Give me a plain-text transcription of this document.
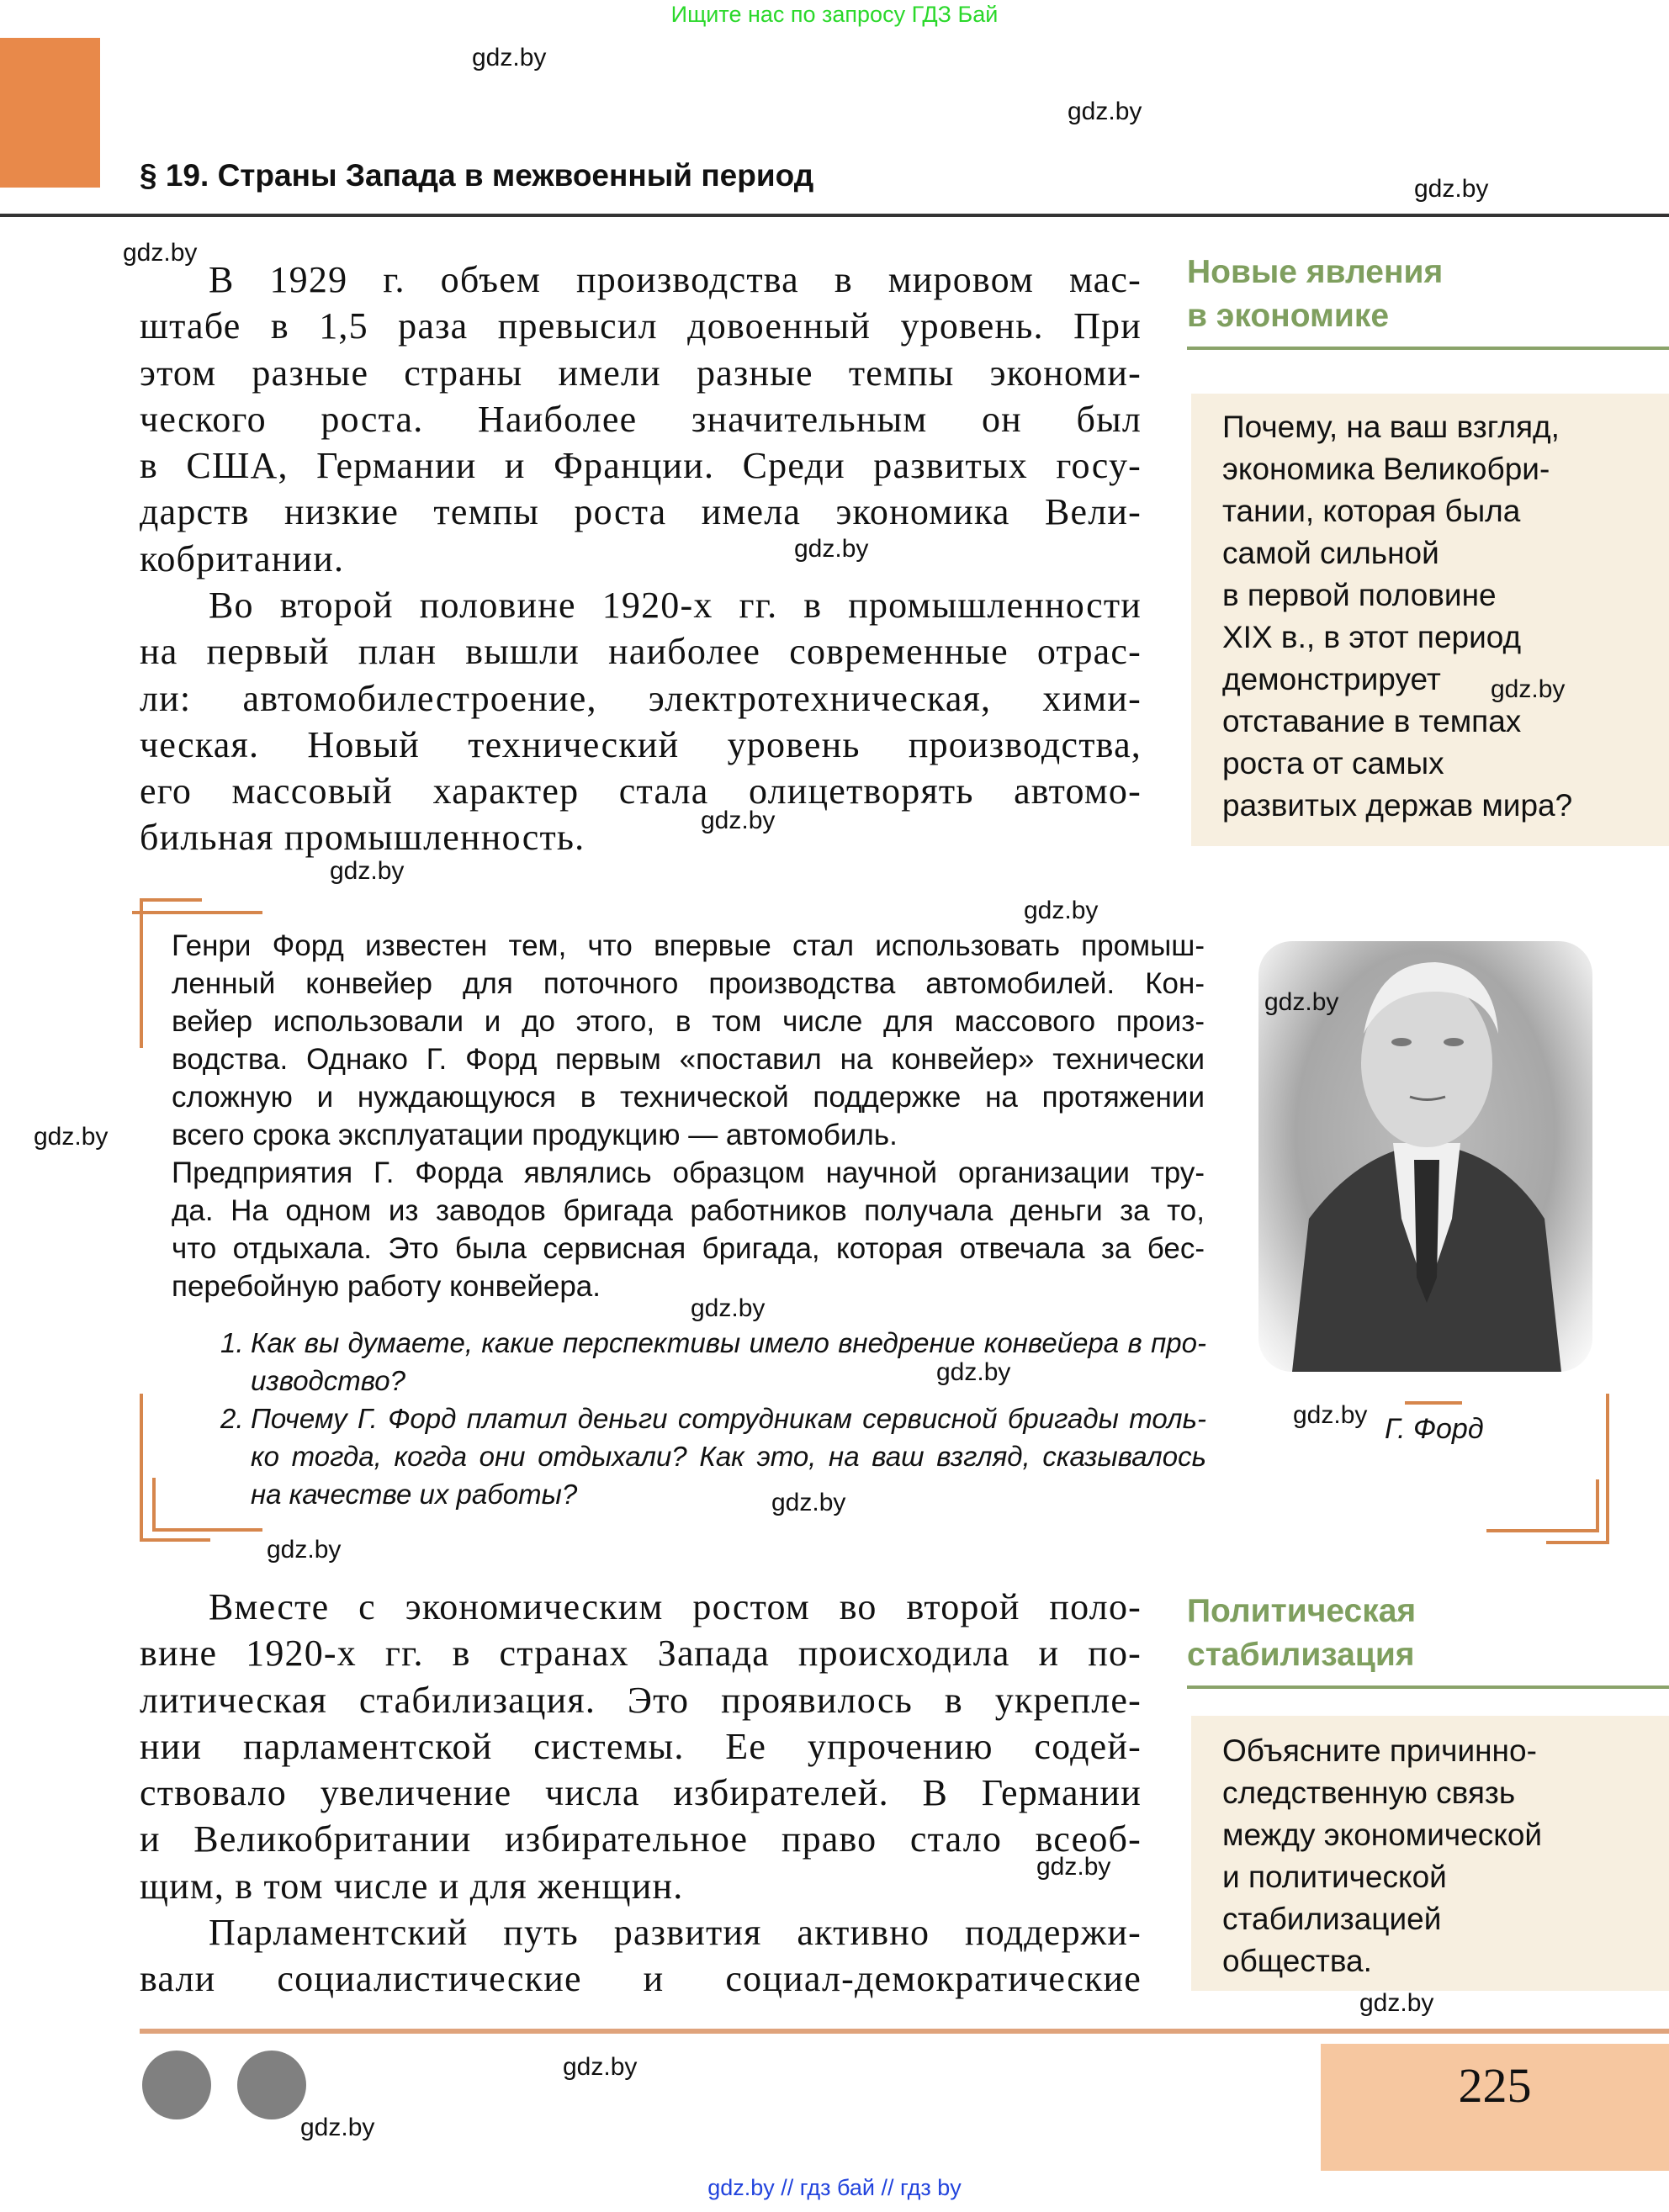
Ищите нас по запросу ГДЗ Бай
§ 19. Страны Запада в межвоенный период
В 1929 г. объем производства в мировом мас-
штабе в 1,5 раза превысил довоенный уровень. При
этом разные страны имели разные темпы экономи-
ческого роста. Наиболее значительным он был
в США, Германии и Франции. Среди развитых госу-
дарств низкие темпы роста имела экономика Вели-
кобритании.
Во второй половине 1920-х гг. в промышленности
на первый план вышли наиболее современные отрас-
ли: автомобилестроение, электротехническая, хими-
ческая. Новый технический уровень производства,
его массовый характер стала олицетворять автомо-
бильная промышленность.
Вместе с экономическим ростом во второй поло-
вине 1920-х гг. в странах Запада происходила и по-
литическая стабилизация. Это проявилось в укрепле-
нии парламентской системы. Ее упрочению содей-
ствовало увеличение числа избирателей. В Германии
и Великобритании избирательное право стало всеоб-
щим, в том числе и для женщин.
Парламентский путь развития активно поддержи-
вали социалистические и социал-демократические
Новые явления
в экономике
Почему, на ваш взгляд,
экономика Великобри-
тании, которая была
самой сильной
в первой половине
XIX в., в этот период
демонстрирует
отставание в темпах
роста от самых
развитых держав мира?
Политическая
стабилизация
Объясните причинно-
следственную связь
между экономической
и политической
стабилизацией
общества.
Генри Форд известен тем, что впервые стал использовать промыш-
ленный конвейер для поточного производства автомобилей. Кон-
вейер использовали и до этого, в том числе для массового произ-
водства. Однако Г. Форд первым «поставил на конвейер» технически
сложную и нуждающуюся в технической поддержке на протяжении
всего срока эксплуатации продукцию — автомобиль.
Предприятия Г. Форда являлись образцом научной организации тру-
да. На одном из заводов бригада работников получала деньги за то,
что отдыхала. Это была сервисная бригада, которая отвечала за бес-
перебойную работу конвейера.
1. Как вы думаете, какие перспективы имело внедрение конвейера в про-
изводство?
2. Почему Г. Форд платил деньги сотрудникам сервисной бригады толь-
ко тогда, когда они отдыхали? Как это, на ваш взгляд, сказывалось
на качестве их работы?
Г. Форд
gdz.by
gdz.by
gdz.by
gdz.by
gdz.by
gdz.by
gdz.by
gdz.by
gdz.by
gdz.by
gdz.by
gdz.by
gdz.by
gdz.by
gdz.by
gdz.by
gdz.by
gdz.by
gdz.by
gdz.by
225
gdz.by // гдз бай // гдз by
